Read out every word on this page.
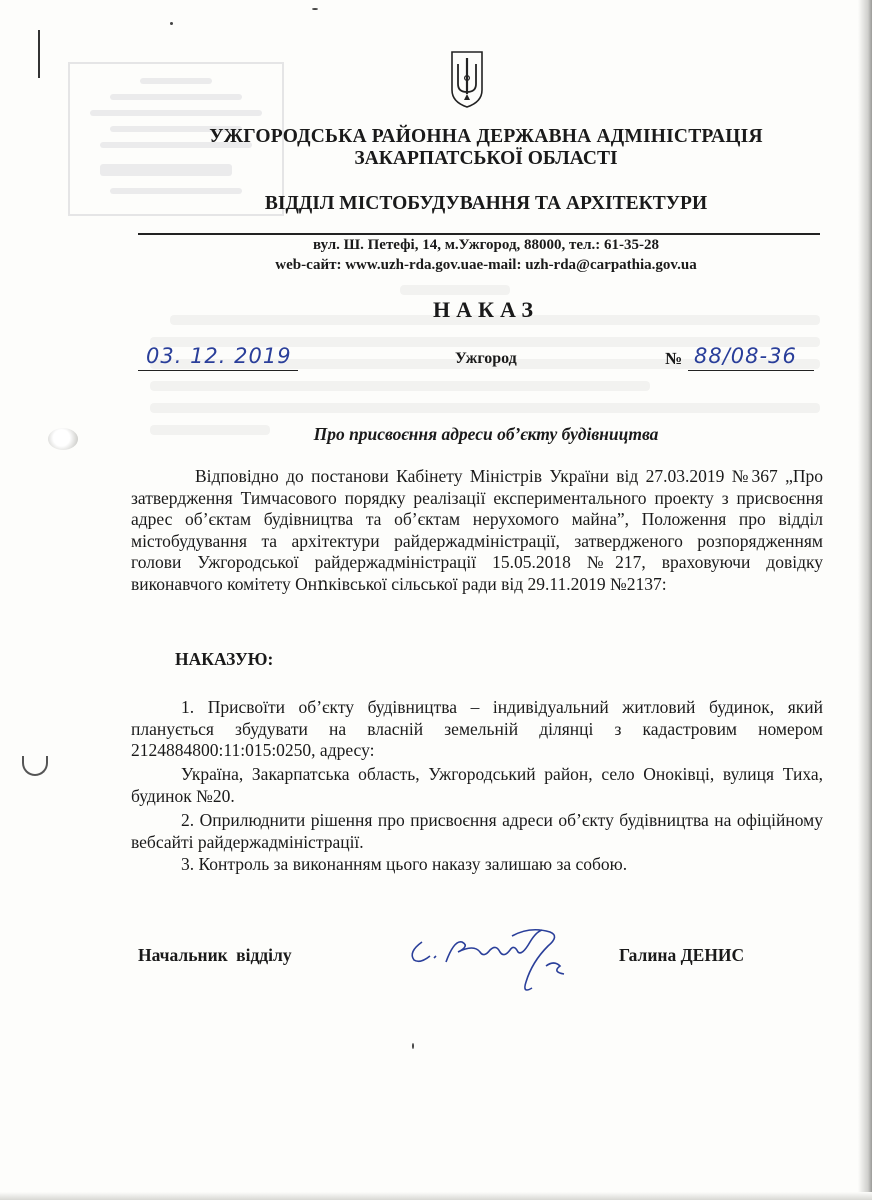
УЖГОРОДСЬКА РАЙОННА ДЕРЖАВНА АДМІНІСТРАЦІЯ
ЗАКАРПАТСЬКОЇ ОБЛАСТІ
ВІДДІЛ МІСТОБУДУВАННЯ ТА АРХІТЕКТУРИ
вул. Ш. Петефі, 14, м.Ужгород, 88000, тел.: 61-35-28
web-сайт: www.uzh-rda.gov.uae-mail: uzh-rda@carpathia.gov.ua
НАКАЗ
03. 12. 2019	Ужгород	№ 88/08-36
Про присвоєння адреси об’єкту будівництва

Відповідно до постанови Кабінету Міністрів України від 27.03.2019 №367 „Про затвердження Тимчасового порядку реалізації експериментального проекту з присвоєння адрес об’єктам будівництва та об’єктам нерухомого майна”, Положення про відділ містобудування та архітектури райдержадміністрації, затвердженого розпорядженням голови Ужгородської райдержадміністрації 15.05.2018 №217, враховуючи довідку виконавчого комітету Онոківської сільської ради від 29.11.2019 №2137:

НАКАЗУЮ:

1. Присвоїти об’єкту будівництва – індивідуальний житловий будинок, який планується збудувати на власній земельній ділянці з кадастровим номером 2124884800:11:015:0250, адресу:

Україна, Закарпатська область, Ужгородський район, село Онoківці, вулиця Тиха, будинок №20.

2. Оприлюднити рішення про присвоєння адреси об’єкту будівництва на офіційному вебсайті райдержадміністрації.

3. Контроль за виконанням цього наказу залишаю за собою.

Начальник відділу	Галина ДЕНИС
